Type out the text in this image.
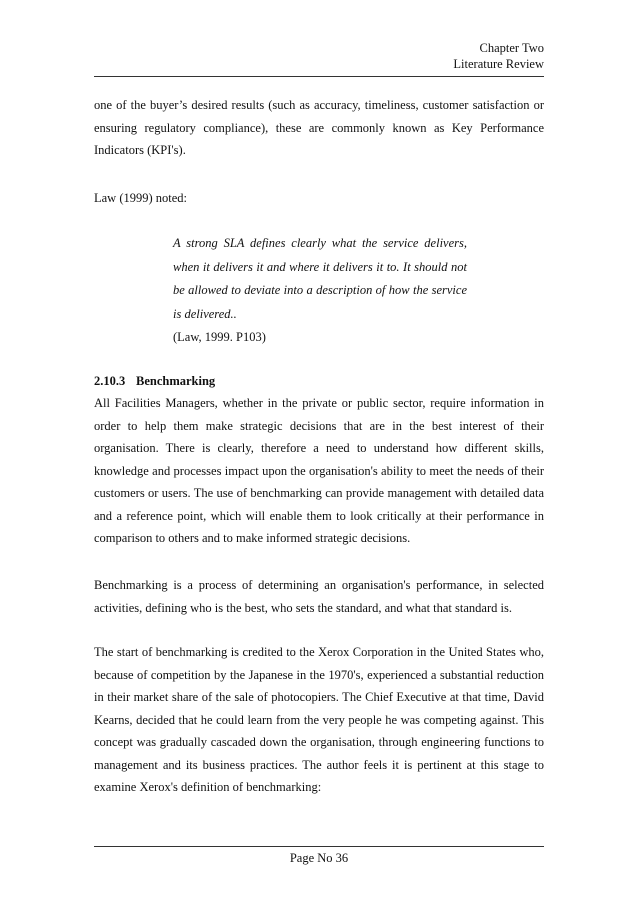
Chapter Two
Literature Review

one of the buyer’s desired results (such as accuracy, timeliness, customer satisfaction or ensuring regulatory compliance), these are commonly known as Key Performance Indicators (KPI's).

Law (1999) noted:

A strong SLA defines clearly what the service delivers, when it delivers it and where it delivers it to. It should not be allowed to deviate into a description of how the service is delivered..
(Law, 1999. P103)
2.10.3 Benchmarking

All Facilities Managers, whether in the private or public sector, require information in order to help them make strategic decisions that are in the best interest of their organisation. There is clearly, therefore a need to understand how different skills, knowledge and processes impact upon the organisation's ability to meet the needs of their customers or users. The use of benchmarking can provide management with detailed data and a reference point, which will enable them to look critically at their performance in comparison to others and to make informed strategic decisions.

Benchmarking is a process of determining an organisation's performance, in selected activities, defining who is the best, who sets the standard, and what that standard is.

The start of benchmarking is credited to the Xerox Corporation in the United States who, because of competition by the Japanese in the 1970's, experienced a substantial reduction in their market share of the sale of photocopiers. The Chief Executive at that time, David Kearns, decided that he could learn from the very people he was competing against. This concept was gradually cascaded down the organisation, through engineering functions to management and its business practices. The author feels it is pertinent at this stage to examine Xerox's definition of benchmarking:

Page No 36
